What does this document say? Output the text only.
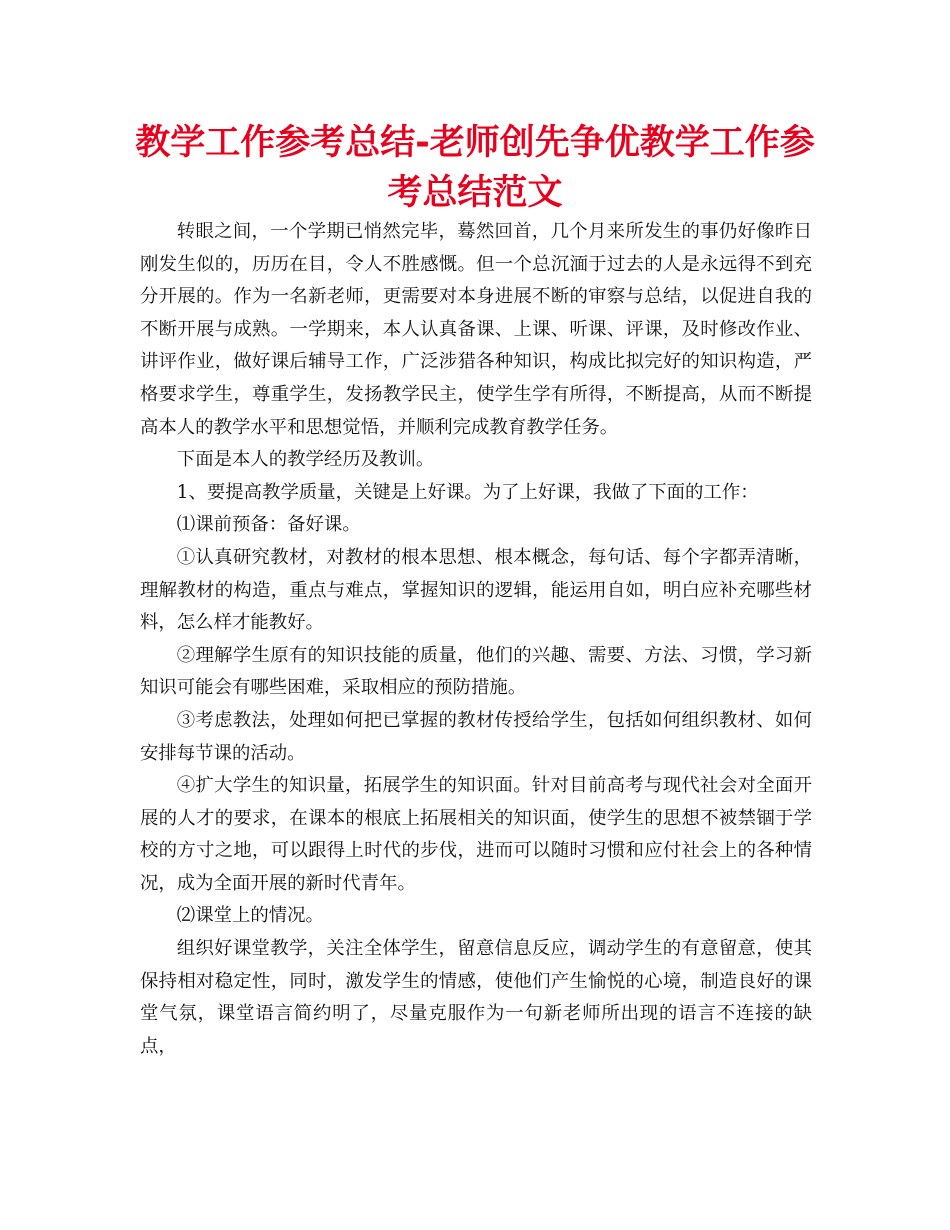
教学工作参考总结-老师创先争优教学工作参考总结范文

转眼之间，一个学期已悄然完毕，蓦然回首，几个月来所发生的事仍好像昨日刚发生似的，历历在目，令人不胜感慨。但一个总沉湎于过去的人是永远得不到充分开展的。作为一名新老师，更需要对本身进展不断的审察与总结，以促进自我的不断开展与成熟。一学期来，本人认真备课、上课、听课、评课，及时修改作业、讲评作业，做好课后辅导工作，广泛涉猎各种知识，构成比拟完好的知识构造，严格要求学生，尊重学生，发扬教学民主，使学生学有所得，不断提高，从而不断提高本人的教学水平和思想觉悟，并顺利完成教育教学任务。

下面是本人的教学经历及教训。

1、要提高教学质量，关键是上好课。为了上好课，我做了下面的工作：

⑴课前预备：备好课。

①认真研究教材，对教材的根本思想、根本概念，每句话、每个字都弄清晰，理解教材的构造，重点与难点，掌握知识的逻辑，能运用自如，明白应补充哪些材料，怎么样才能教好。

②理解学生原有的知识技能的质量，他们的兴趣、需要、方法、习惯，学习新知识可能会有哪些困难，采取相应的预防措施。

③考虑教法，处理如何把已掌握的教材传授给学生，包括如何组织教材、如何安排每节课的活动。

④扩大学生的知识量，拓展学生的知识面。针对目前高考与现代社会对全面开展的人才的要求，在课本的根底上拓展相关的知识面，使学生的思想不被禁锢于学校的方寸之地，可以跟得上时代的步伐，进而可以随时习惯和应付社会上的各种情况，成为全面开展的新时代青年。

⑵课堂上的情况。

组织好课堂教学，关注全体学生，留意信息反应，调动学生的有意留意，使其保持相对稳定性，同时，激发学生的情感，使他们产生愉悦的心境，制造良好的课堂气氛，课堂语言简约明了，尽量克服作为一句新老师所出现的语言不连接的缺点，
